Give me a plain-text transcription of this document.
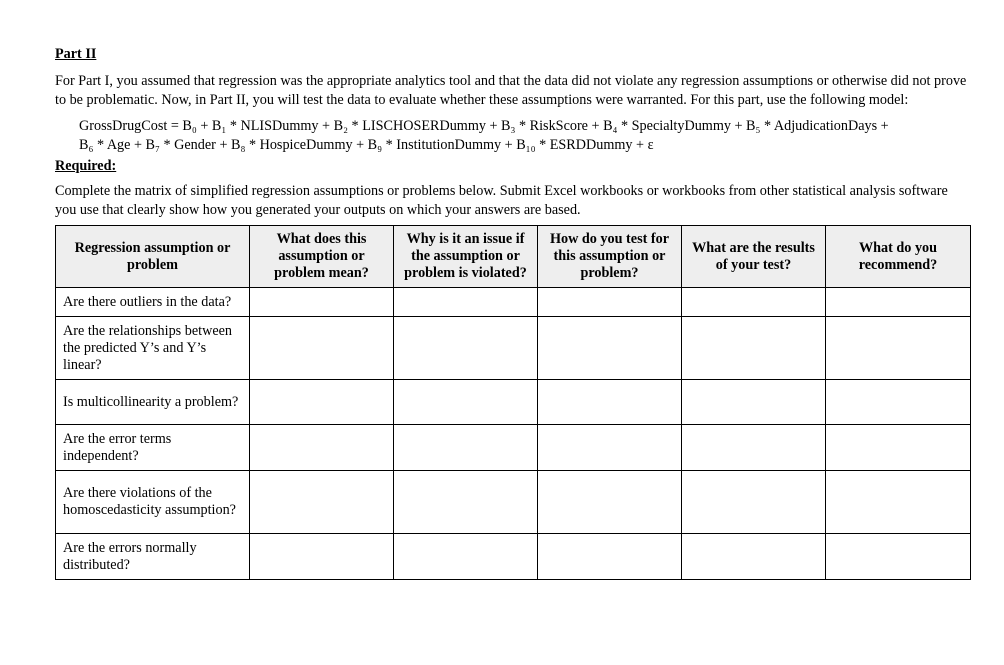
Part II

For Part I, you assumed that regression was the appropriate analytics tool and that the data did not violate any regression assumptions or otherwise did not prove to be problematic. Now, in Part II, you will test the data to evaluate whether these assumptions were warranted. For this part, use the following model:

GrossDrugCost = B₀ + B₁ * NLISDummy + B₂ * LISCHOSERDummy + B₃ * RiskScore + B₄ * SpecialtyDummy + B₅ * AdjudicationDays +
B₆ * Age + B₇ * Gender + B₈ * HospiceDummy + B₉ * InstitutionDummy + B₁₀ * ESRDDummy + ε

Required:

Complete the matrix of simplified regression assumptions or problems below. Submit Excel workbooks or workbooks from other statistical analysis software you use that clearly show how you generated your outputs on which your answers are based.

Regression assumption or problem	What does this assumption or problem mean?	Why is it an issue if the assumption or problem is violated?	How do you test for this assumption or problem?	What are the results of your test?	What do you recommend?
Are there outliers in the data?					
Are the relationships between the predicted Y’s and Y’s linear?					
Is multicollinearity a problem?					
Are the error terms independent?					
Are there violations of the homoscedasticity assumption?					
Are the errors normally distributed?					
